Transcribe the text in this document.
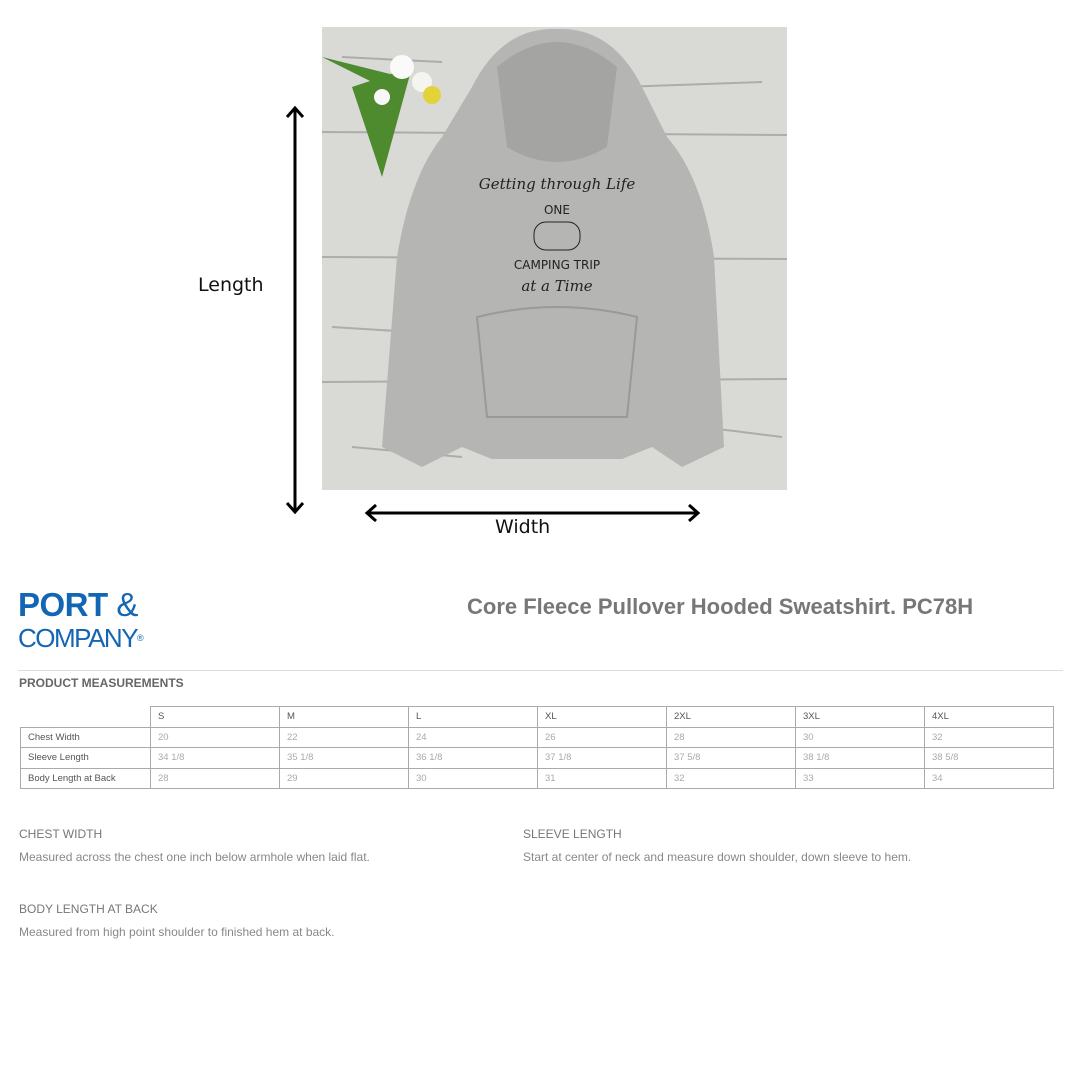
Getting through Life
ONE
CAMPING TRIP
at a Time
Length
Width
PORT &
COMPANY®
Core Fleece Pullover Hooded Sweatshirt. PC78H
PRODUCT MEASUREMENTS
	S	M	L	XL	2XL	3XL	4XL
Chest Width	20	22	24	26	28	30	32
Sleeve Length	34 1/8	35 1/8	36 1/8	37 1/8	37 5/8	38 1/8	38 5/8
Body Length at Back	28	29	30	31	32	33	34
CHEST WIDTH
Measured across the chest one inch below armhole when laid flat.
SLEEVE LENGTH
Start at center of neck and measure down shoulder, down sleeve to hem.
BODY LENGTH AT BACK
Measured from high point shoulder to finished hem at back.
